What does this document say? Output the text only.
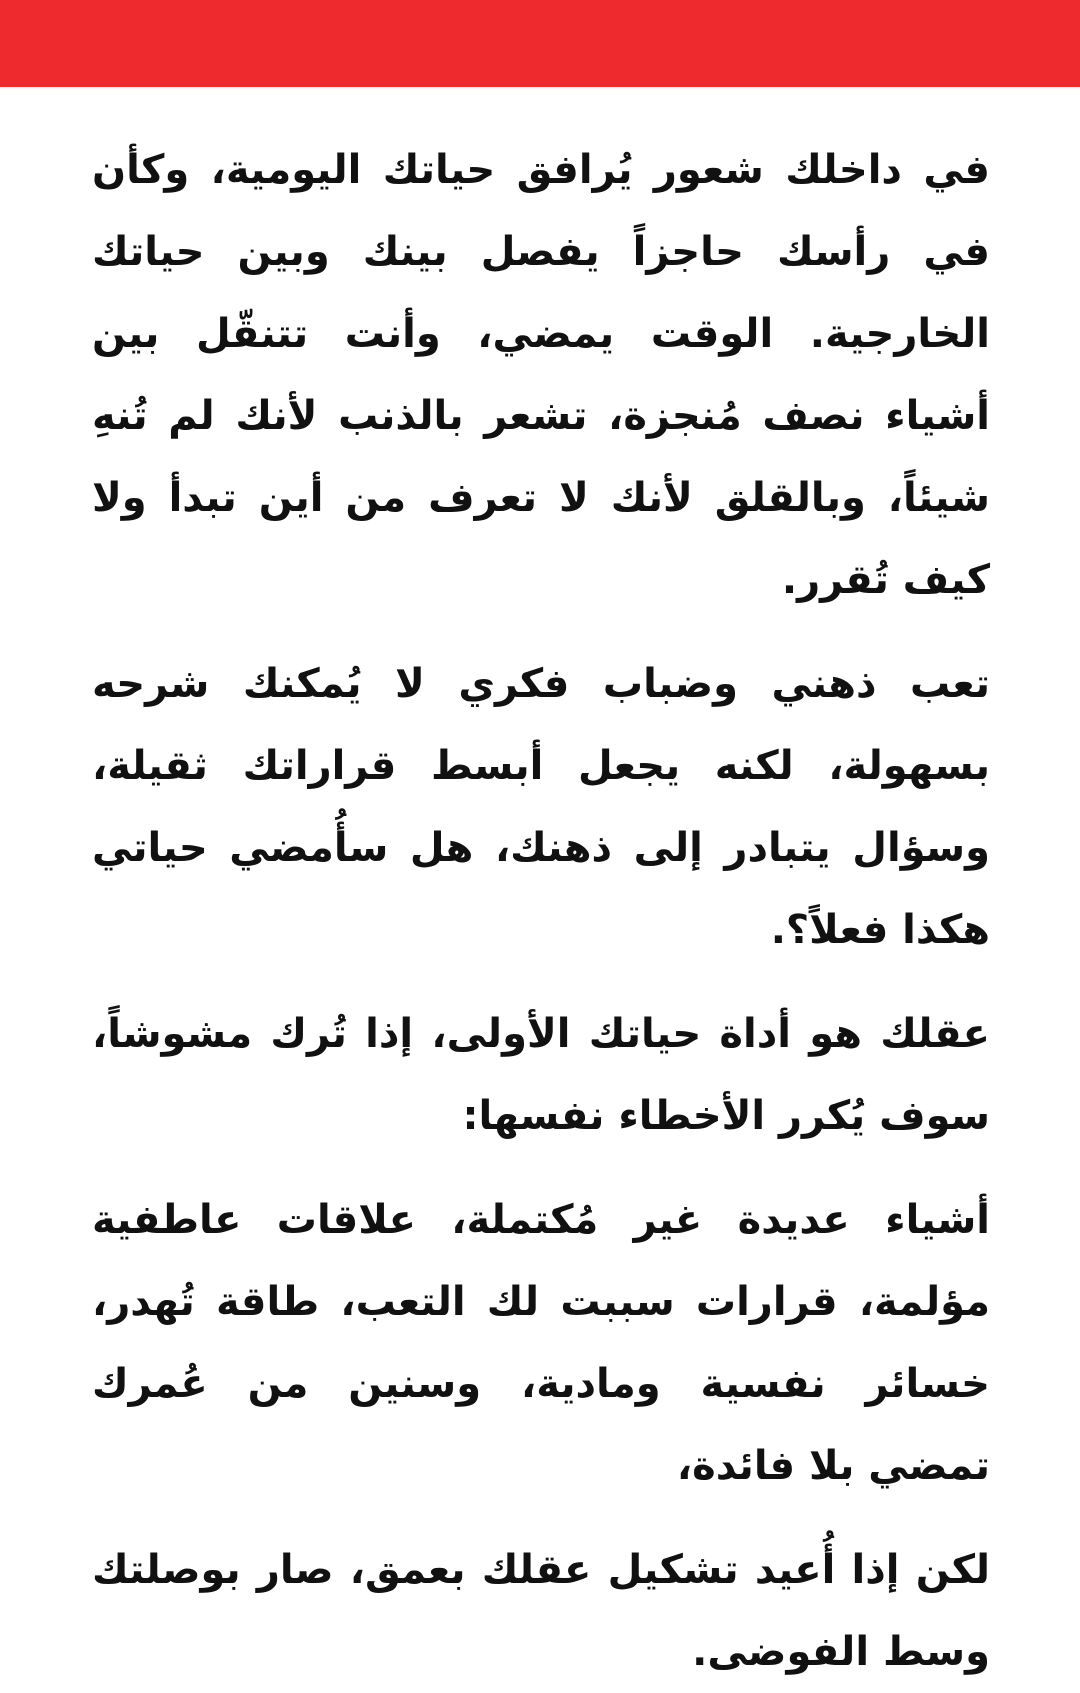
في داخلك شعور يُرافق حياتك اليومية، وكأن في رأسك حاجزاً يفصل بينك وبين حياتك الخارجية. الوقت يمضي، وأنت تتنقّل بين أشياء نصف مُنجزة، تشعر بالذنب لأنك لم تُنهِ شيئاً، وبالقلق لأنك لا تعرف من أين تبدأ ولا كيف تُقرر.

تعب ذهني وضباب فكري لا يُمكنك شرحه بسهولة، لكنه يجعل أبسط قراراتك ثقيلة، وسؤال يتبادر إلى ذهنك، هل سأُمضي حياتي هكذا فعلاً؟.

عقلك هو أداة حياتك الأولى، إذا تُرك مشوشاً، سوف يُكرر الأخطاء نفسها:

أشياء عديدة غير مُكتملة، علاقات عاطفية مؤلمة، قرارات سببت لك التعب، طاقة تُهدر، خسائر نفسية ومادية، وسنين من عُمرك تمضي بلا فائدة،

لكن إذا أُعيد تشكيل عقلك بعمق، صار بوصلتك وسط الفوضى.
